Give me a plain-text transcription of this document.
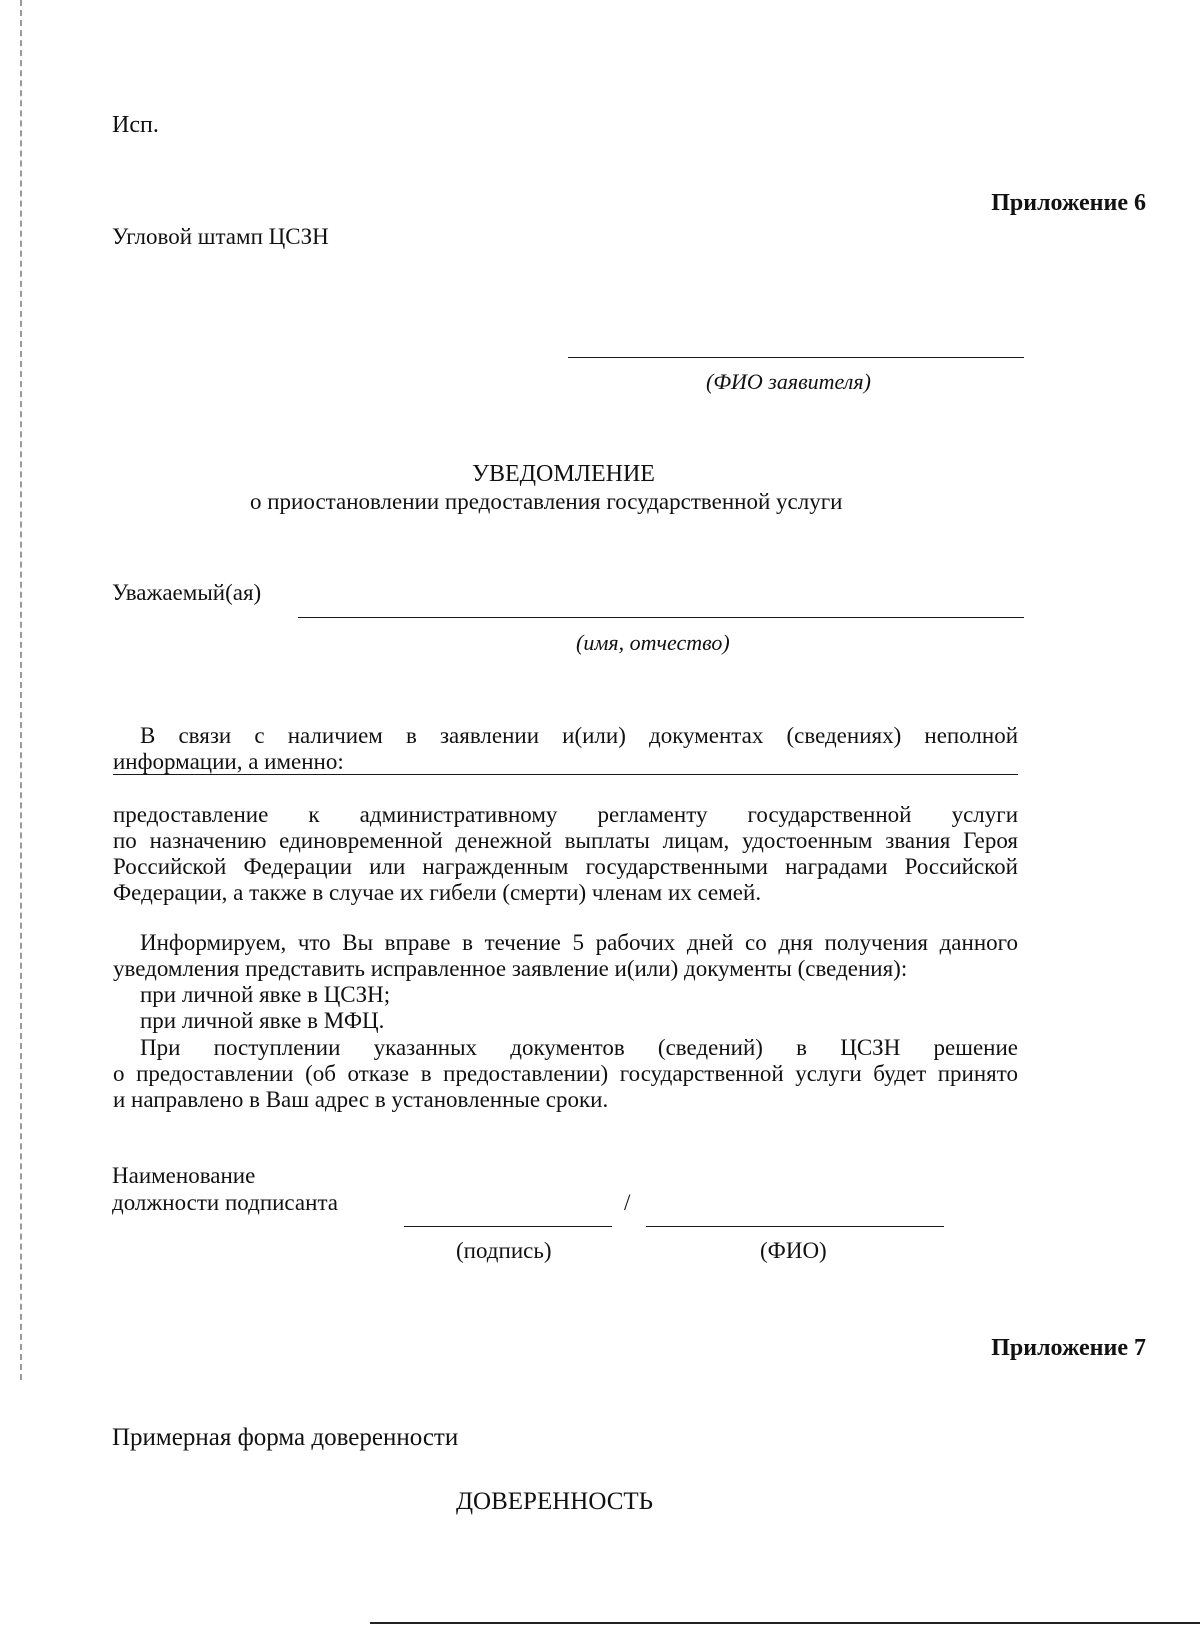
Исп.

Приложение 6

Угловой штамп ЦСЗН

(ФИО заявителя)

УВЕДОМЛЕНИЕ

о приостановлении предоставления государственной услуги

Уважаемый(ая)

(имя, отчество)

В связи с наличием в заявлении и(или) документах (сведениях) неполной
информации, а именно:
предоставление к административному регламенту государственной услуги
по назначению единовременной денежной выплаты лицам, удостоенным звания Героя
Российской Федерации или награжденным государственными наградами Российской
Федерации, а также в случае их гибели (смерти) членам их семей.
Информируем, что Вы вправе в течение 5 рабочих дней со дня получения данного
уведомления представить исправленное заявление и(или) документы (сведения):

при личной явке в ЦСЗН;

при личной явке в МФЦ.

При поступлении указанных документов (сведений) в ЦСЗН решение
о предоставлении (об отказе в предоставлении) государственной услуги будет принято
и направлено в Ваш адрес в установленные сроки.

Наименование

должности подписанта	/

(подпись)	(ФИО)

Приложение 7

Примерная форма доверенности

ДОВЕРЕННОСТЬ
